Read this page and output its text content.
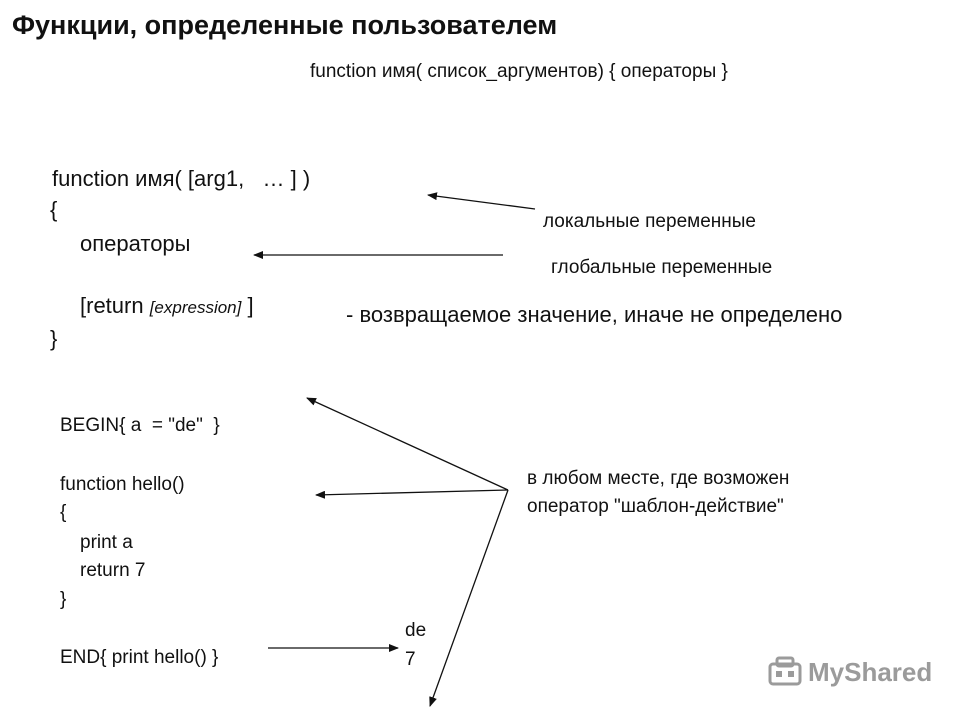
Функции, определенные пользователем
function имя( список_аргументов) { операторы }
function имя( [arg1,   … ] )
{
операторы
[return [expression] ]
}
локальные переменные
глобальные переменные
- возвращаемое значение, иначе не определено
в любом месте, где возможен
оператор "шаблон-действие"
BEGIN{ a  = "de"  }
function hello()
{
print a
return 7
}
END{ print hello() }
de
7	MyShared
